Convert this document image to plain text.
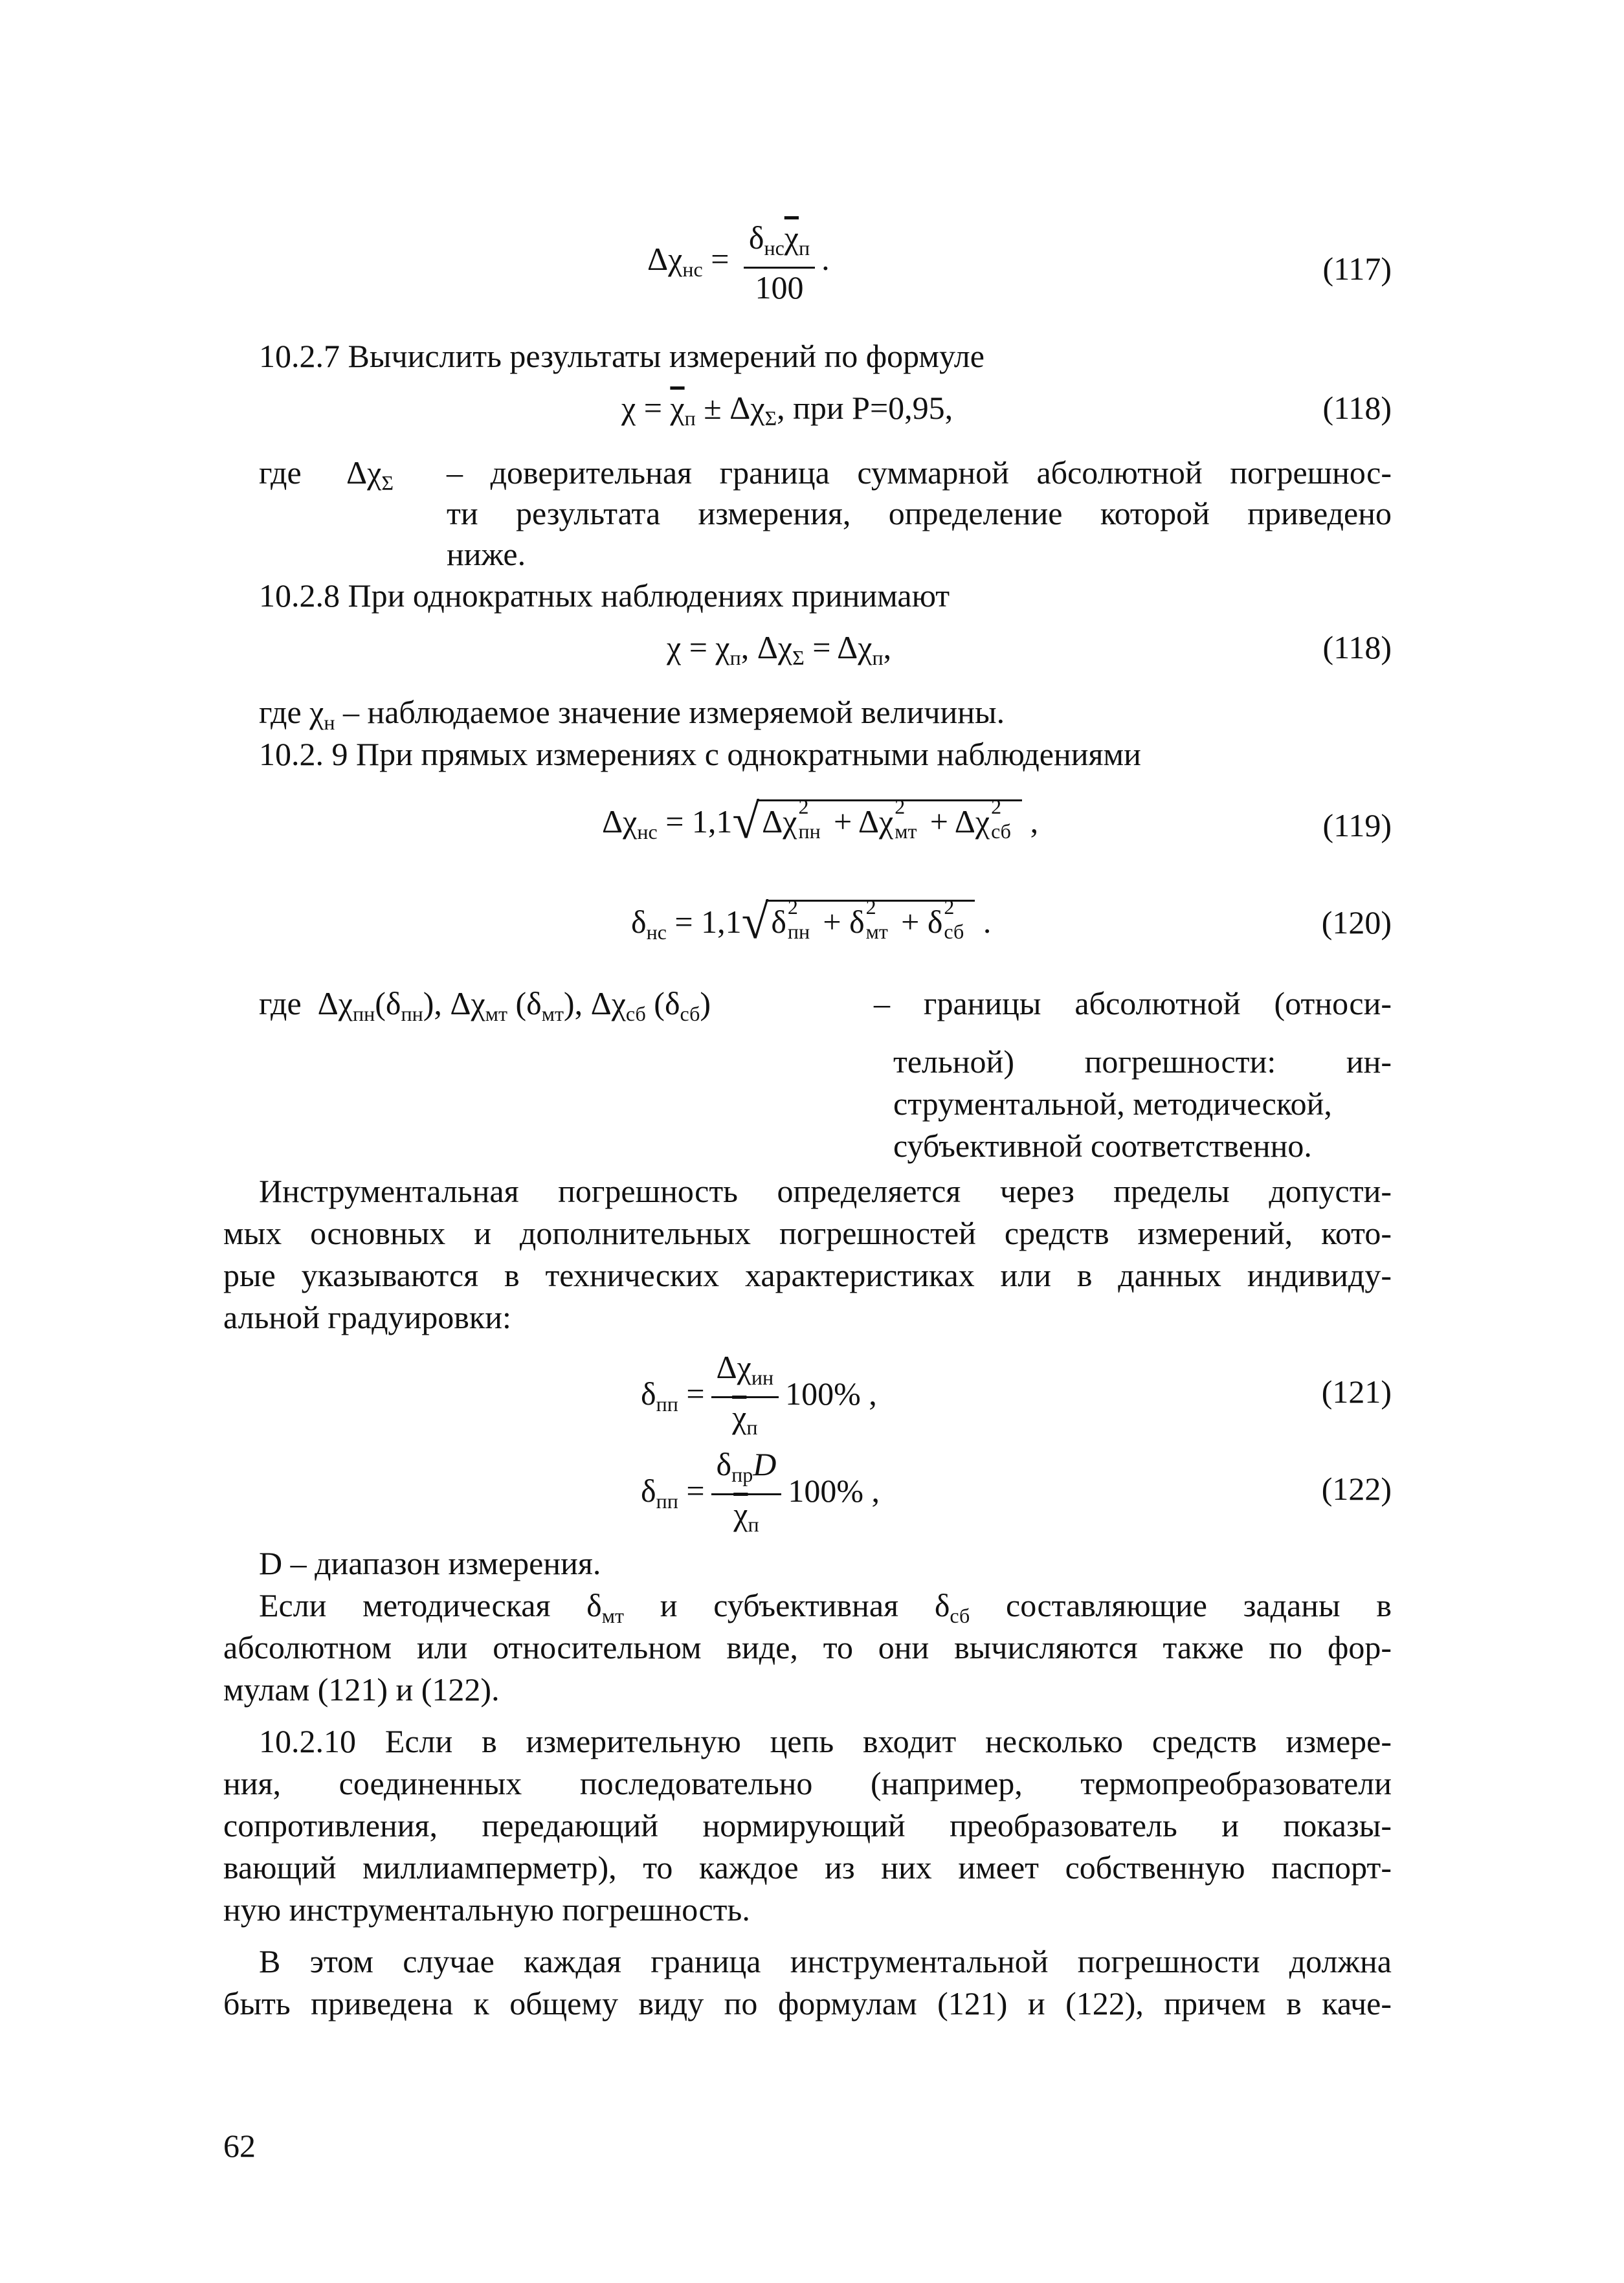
$\Delta\chi_{нс} = \frac{\delta_{нс}\overline{\chi}_п}{100}$ .	(117)
10.2.7 Вычислить результаты измерений по формуле
$\chi = \overline{\chi}_п \pm \Delta\chi_\Sigma$, при P=0,95,	(118)
где $\Delta\chi_\Sigma$ – доверительная граница суммарной абсолютной погрешнос-
ти результата измерения, определение которой приведено
ниже.
10.2.8 При однократных наблюдениях принимают
$\chi = \chi_п$, $\Delta\chi_\Sigma = \Delta\chi_п$,	(118)
где $\chi_н$ – наблюдаемое значение измеряемой величины.
10.2. 9 При прямых измерениях с однократными наблюдениями
$\Delta\chi_{нс} = 1,1√\Delta\chi$ 2
пн + Δχ 2
мт + Δχ 2
сб ,	(119)
$\delta_{нс} = 1,1√\delta$ 2
пн + δ 2
мт + δ 2
сб .	(120)
где $\Delta\chi_{пн}(\delta_{пн})$, $\Delta\chi_{мт}$ $(\delta_{мт})$, $\Delta\chi_{сб}$ $(\delta_{сб})$	– границы абсолютной (относи-
тельной) погрешности: ин-
струментальной, методической,
субъективной соответственно.
Инструментальная погрешность определяется через пределы допусти-
мых основных и дополнительных погрешностей средств измерений, кото-
рые указываются в технических характеристиках или в данных индивиду-
альной градуировки:
$\delta_{пп} = \frac{\Delta\chi_{ин}}{\overline{\chi}_п} 100\%$ ,	(121)
$\delta_{пп} = \frac{\delta_{пр}D}{\overline{\chi}_п} 100\%$ ,	(122)
D – диапазон измерения.
Если методическая $\delta_{мт}$ и субъективная $\delta_{сб}$ составляющие заданы в
абсолютном или относительном виде, то они вычисляются также по фор-
мулам (121) и (122).
10.2.10 Если в измерительную цепь входит несколько средств измере-
ния, соединенных последовательно (например, термопреобразователи
сопротивления, передающий нормирующий преобразователь и показы-
вающий миллиамперметр), то каждое из них имеет собственную паспорт-
ную инструментальную погрешность.
В этом случае каждая граница инструментальной погрешности должна
быть приведена к общему виду по формулам (121) и (122), причем в каче-
62
